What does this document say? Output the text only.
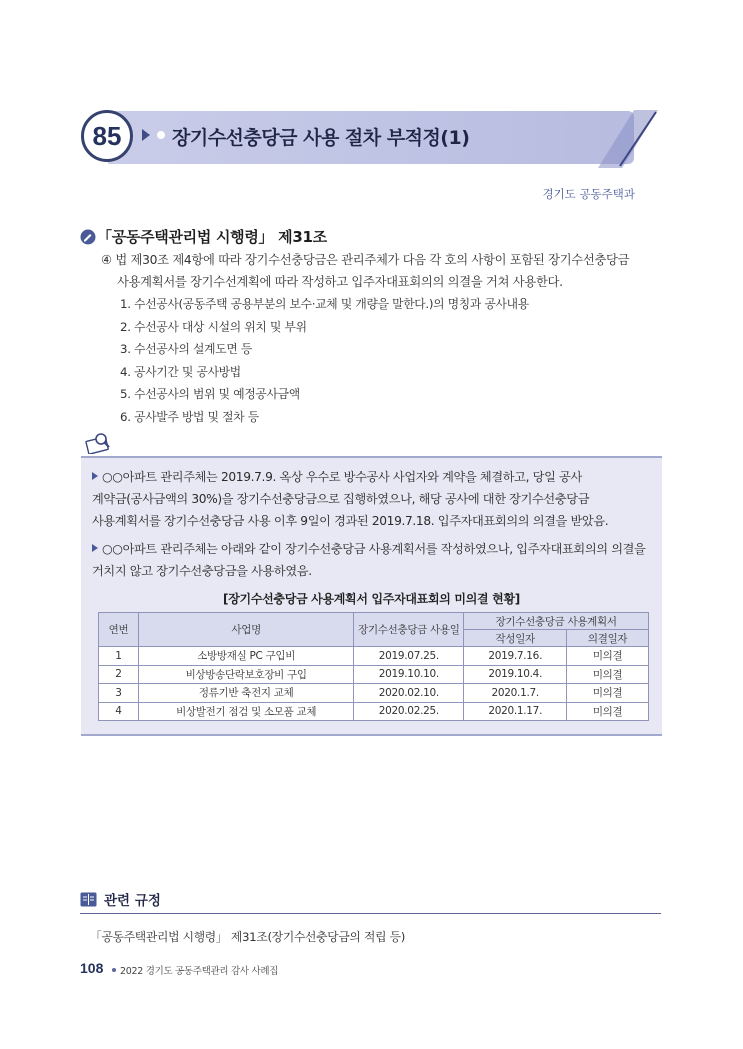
85	장기수선충당금 사용 절차 부적정(1)
경기도 공동주택과
「공동주택관리법 시행령」 제31조
④ 법 제30조 제4항에 따라 장기수선충당금은 관리주체가 다음 각 호의 사항이 포함된 장기수선충당금
사용계획서를 장기수선계획에 따라 작성하고 입주자대표회의의 의결을 거쳐 사용한다.
1. 수선공사(공동주택 공용부분의 보수·교체 및 개량을 말한다.)의 명칭과 공사내용
2. 수선공사 대상 시설의 위치 및 부위
3. 수선공사의 설계도면 등
4. 공사기간 및 공사방법
5. 수선공사의 범위 및 예정공사금액
6. 공사발주 방법 및 절차 등
○○아파트 관리주체는 2019.7.9. 옥상 우수로 방수공사 사업자와 계약을 체결하고, 당일 공사
계약금(공사금액의 30%)을 장기수선충당금으로 집행하였으나, 해당 공사에 대한 장기수선충당금
사용계획서를 장기수선충당금 사용 이후 9일이 경과된 2019.7.18. 입주자대표회의의 의결을 받았음.
○○아파트 관리주체는 아래와 같이 장기수선충당금 사용계획서를 작성하였으나, 입주자대표회의의 의결을
거치지 않고 장기수선충당금을 사용하였음.
[장기수선충당금 사용계획서 입주자대표회의 미의결 현황]
연번	사업명	장기수선충당금 사용일	장기수선충당금 사용계획서	
			작성일자	의결일자
1	소방방재실 PC 구입비	2019.07.25.	2019.7.16.	미의결
2	비상방송단락보호장비 구입	2019.10.10.	2019.10.4.	미의결
3	정류기반 축전지 교체	2020.02.10.	2020.1.7.	미의결
4	비상발전기 점검 및 소모품 교체	2020.02.25.	2020.1.17.	미의결
관련 규정
「공동주택관리법 시행령」 제31조(장기수선충당금의 적립 등)
108 2022 경기도 공동주택관리 감사 사례집
